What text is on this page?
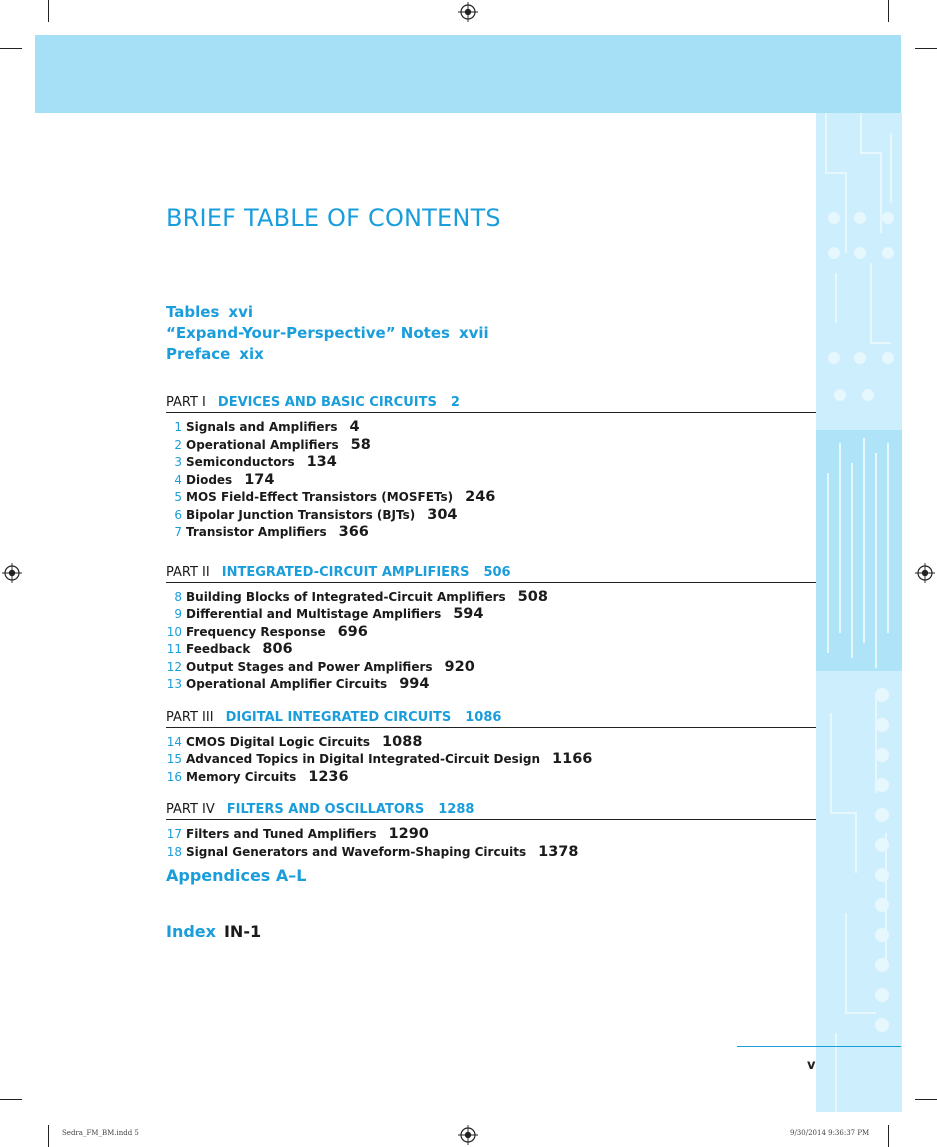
BRIEF TABLE OF CONTENTS
Tables xvi
“Expand-Your-Perspective” Notes xvii
Preface xix
PART I DEVICES AND BASIC CIRCUITS 2
1 Signals and Amplifiers 4
2 Operational Amplifiers 58
3 Semiconductors 134
4 Diodes 174
5 MOS Field-Effect Transistors (MOSFETs) 246
6 Bipolar Junction Transistors (BJTs) 304
7 Transistor Amplifiers 366
PART II INTEGRATED-CIRCUIT AMPLIFIERS 506
8 Building Blocks of Integrated-Circuit Amplifiers 508
9 Differential and Multistage Amplifiers 594
10 Frequency Response 696
11 Feedback 806
12 Output Stages and Power Amplifiers 920
13 Operational Amplifier Circuits 994
PART III DIGITAL INTEGRATED CIRCUITS 1086
14 CMOS Digital Logic Circuits 1088
15 Advanced Topics in Digital Integrated-Circuit Design 1166
16 Memory Circuits 1236
PART IV FILTERS AND OSCILLATORS 1288
17 Filters and Tuned Amplifiers 1290
18 Signal Generators and Waveform-Shaping Circuits 1378

Appendices A–L

Index IN-1

v
Sedra_FM_BM.indd 5	9/30/2014 9:36:37 PM
